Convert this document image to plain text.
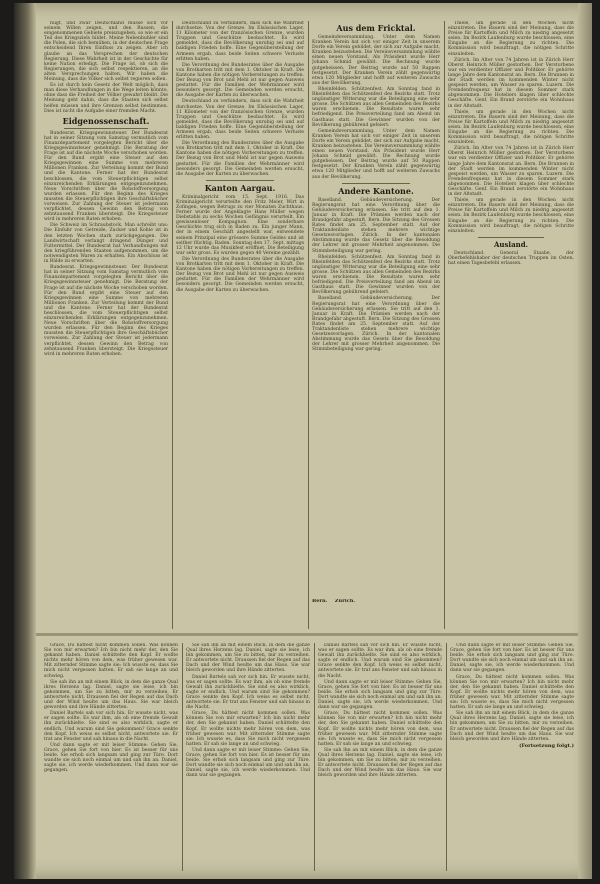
nügt, und zwar Deutschland müsse sich vor seinem Willen zeigen, und den Russen, die eingenommenen Gebiete preiszugeben, so wie er ein Teil des Kriegsziels bildet. Meine Nebenbuhler sind die Polen, die sich bemühen, in der deutschen Frage entscheidend Ihren Einfluss zu zeigen. Aber ich glaube an das Versprechen der deutschen Regierung. Diese Wahrheit ist in der Geschichte für keine Nation erledigt. Die Frage ist, ob sich die Regierungen, die sich selbst respektieren, an die alten Versprechungen halten. Wir haben die Meinung, dass die Völker sich selbst regieren sollen.

Es ist durch kein Gesetz der Welt möglich, dass man diese Verhandlungen in die Wege leiten könnte, ohne dass die Freiheit der Völker gewahrt bleibt. Die Meinung geht dahin, dass die Staaten sich selbst helfen müssen und ihre Grenzen selbst bestimmen. Dies ist nicht die Aufgabe einer fremden Macht.

Eidgenossenschaft.

Bundesrat. Kriegsgewinnsteuer. Der Bundesrat hat in seiner Sitzung vom Samstag vermutlich vom Finanzdepartement vorgelegten Bericht über die Kriegsgewinnsteuer genehmigt. Die Beratung der Frage ist auf die nächste Woche verschoben worden. Für den Bund ergibt eine Steuer auf den Kriegsgewinnen eine Summe von mehreren Millionen Franken. Zur Verteilung kommt der Bund und die Kantone. Ferner hat der Bundesrat beschlossen, die vom Steuerpflichtigen selbst einzureichenden Erklärungen entgegenzunehmen. Neue Vorschriften über die Rohstoffversorgung wurden erlassen. Für den Beginn des Krieges mussten die Steuerpflichtigen ihre Geschäftsbücher vorweisen. Zur Zahlung der Steuer ist jedermann verpflichtet, dessen Gewinn den Betrag von zehntausend Franken übersteigt. Die Kriegssteuer wird in mehreren Raten erhoben.

Die Schweiz im Schraubstock. Man schreibt uns: Die Einfuhr von Getreide, Zucker und Kohle ist in den letzten Wochen stark zurückgegangen. Die Landwirtschaft verlangt dringend Dünger und Futtermittel. Der Bundesrat hat Verhandlungen mit den kriegführenden Staaten aufgenommen, um die notwendigsten Waren zu erhalten. Ein Abschluss ist in Bälde zu erwarten.

Bundesrat. Kriegsgewinnsteuer. Der Bundesrat hat in seiner Sitzung vom Samstag vermutlich vom Finanzdepartement vorgelegten Bericht über die Kriegsgewinnsteuer genehmigt. Die Beratung der Frage ist auf die nächste Woche verschoben worden. Für den Bund ergibt eine Steuer auf den Kriegsgewinnen eine Summe von mehreren Millionen Franken. Zur Verteilung kommt der Bund und die Kantone. Ferner hat der Bundesrat beschlossen, die vom Steuerpflichtigen selbst einzureichenden Erklärungen entgegenzunehmen. Neue Vorschriften über die Rohstoffversorgung wurden erlassen. Für den Beginn des Krieges mussten die Steuerpflichtigen ihre Geschäftsbücher vorweisen. Zur Zahlung der Steuer ist jedermann verpflichtet, dessen Gewinn den Betrag von zehntausend Franken übersteigt. Die Kriegssteuer wird in mehreren Raten erhoben.

Deutschland zu verhindern, dass sich die Wahrheit durchsetze. Von der Grenze. Im Elsässischen Lager, 11 Kilometer von der französischen Grenze, wurden Truppen und Geschütze beobachtet. Es wird gemeldet, dass die Bevölkerung unruhig sei und auf baldigen Frieden hoffe. Eine Gegenüberstellung der Armeen ergab, dass beide Seiten schwere Verluste erlitten haben.

Die Verordnung des Bundesrates über die Ausgabe von Brotkarten tritt mit dem 1. Oktober in Kraft. Die Kantone haben die nötigen Vorbereitungen zu treffen. Der Bezug von Brot und Mehl ist nur gegen Ausweis gestattet. Für die Familien der Wehrmänner wird besonders gesorgt. Die Gemeinden werden ersucht, die Ausgabe der Karten zu überwachen.

Deutschland zu verhindern, dass sich die Wahrheit durchsetze. Von der Grenze. Im Elsässischen Lager, 11 Kilometer von der französischen Grenze, wurden Truppen und Geschütze beobachtet. Es wird gemeldet, dass die Bevölkerung unruhig sei und auf baldigen Frieden hoffe. Eine Gegenüberstellung der Armeen ergab, dass beide Seiten schwere Verluste erlitten haben.

Die Verordnung des Bundesrates über die Ausgabe von Brotkarten tritt mit dem 1. Oktober in Kraft. Die Kantone haben die nötigen Vorbereitungen zu treffen. Der Bezug von Brot und Mehl ist nur gegen Ausweis gestattet. Für die Familien der Wehrmänner wird besonders gesorgt. Die Gemeinden werden ersucht, die Ausgabe der Karten zu überwachen.

Kanton Aargau.

Kriminalgericht vom 15. Sept. 1916. Das Kriminalgericht verurteilte den Fritz Meier, Wirt in Zofingen, wegen Betrugs zu vier Monaten Zuchthaus. Ferner wurde der Angeklagte Hans Müller wegen Diebstahls zu sechs Wochen Gefängnis verurteilt. Ein gewissenloser Kompagnon. Eine sonderbare Geschichte trug sich in Baden zu. Ein junger Mann, der in einem Geschäft angestellt war, entwendete seinem Prinzipal eine grössere Summe Geldes und ist seither flüchtig. Baden. Sonntag den 17. Sept. mittags 12 Uhr wurde das Musikfest eröffnet. Die Beteiligung war sehr gross. Es wurden gegen 40 Vereine gezählt.

Die Verordnung des Bundesrates über die Ausgabe von Brotkarten tritt mit dem 1. Oktober in Kraft. Die Kantone haben die nötigen Vorbereitungen zu treffen. Der Bezug von Brot und Mehl ist nur gegen Ausweis gestattet. Für die Familien der Wehrmänner wird besonders gesorgt. Die Gemeinden werden ersucht, die Ausgabe der Karten zu überwachen.

Aus dem Fricktal.

Gemeindeversammlung. Unter dem Namen Kranken Verein hat sich vor einiger Zeit in unserem Dorfe ein Verein gebildet, der sich zur Aufgabe macht, Kranken beizustehen. Die Vereinsversammlung wählte einen neuen Vorstand. Als Präsident wurde Herr Johann Schmid gewählt. Die Rechnung wurde gutgeheissen. Der Beitrag wurde auf 50 Rappen festgesetzt. Der Kranken Verein zählt gegenwärtig etwa 120 Mitglieder und hofft auf weiteren Zuwachs aus der Bevölkerung.

Rheinfelden. Schützenfest. Am Sonntag fand in Rheinfelden das Schützenfest des Bezirks statt. Trotz ungünstiger Witterung war die Beteiligung eine sehr grosse. Die Schützen aus allen Gemeinden des Bezirks waren erschienen. Die Resultate waren sehr befriedigend. Die Preisverteilung fand am Abend im Gasthaus statt. Die Gewinner wurden von der Bevölkerung gebührend gefeiert.

Gemeindeversammlung. Unter dem Namen Kranken Verein hat sich vor einiger Zeit in unserem Dorfe ein Verein gebildet, der sich zur Aufgabe macht, Kranken beizustehen. Die Vereinsversammlung wählte einen neuen Vorstand. Als Präsident wurde Herr Johann Schmid gewählt. Die Rechnung wurde gutgeheissen. Der Beitrag wurde auf 50 Rappen festgesetzt. Der Kranken Verein zählt gegenwärtig etwa 120 Mitglieder und hofft auf weiteren Zuwachs aus der Bevölkerung.

Andere Kantone.

Baselland. Gebäudeversicherung. Der Regierungsrat hat eine Verordnung über die Gebäudeversicherung erlassen. Sie tritt auf den 1. Januar in Kraft. Die Prämien werden nach der Brandgefahr abgestuft. Bern. Die Sitzung des Grossen Rates findet am 25. September statt. Auf der Traktandenliste stehen mehrere wichtige Gesetzesvorlagen. Zürich. In der kantonalen Abstimmung wurde das Gesetz über die Besoldung der Lehrer mit grosser Mehrheit angenommen. Die Stimmbeteiligung war gering.

Rheinfelden. Schützenfest. Am Sonntag fand in Rheinfelden das Schützenfest des Bezirks statt. Trotz ungünstiger Witterung war die Beteiligung eine sehr grosse. Die Schützen aus allen Gemeinden des Bezirks waren erschienen. Die Resultate waren sehr befriedigend. Die Preisverteilung fand am Abend im Gasthaus statt. Die Gewinner wurden von der Bevölkerung gebührend gefeiert.

Baselland. Gebäudeversicherung. Der Regierungsrat hat eine Verordnung über die Gebäudeversicherung erlassen. Sie tritt auf den 1. Januar in Kraft. Die Prämien werden nach der Brandgefahr abgestuft. Bern. Die Sitzung des Grossen Rates findet am 25. September statt. Auf der Traktandenliste stehen mehrere wichtige Gesetzesvorlagen. Zürich. In der kantonalen Abstimmung wurde das Gesetz über die Besoldung der Lehrer mit grosser Mehrheit angenommen. Die Stimmbeteiligung war gering.

Thiele, um gerade in den Wochen nicht einzutreten. Die Bauern sind der Meinung, dass die Preise für Kartoffeln und Milch zu niedrig angesetzt seien. Im Bezirk Laufenburg wurde beschlossen, eine Eingabe an die Regierung zu richten. Die Kommission wird beauftragt, die nötigen Schritte einzuleiten.

Zürich. Im Alter von 74 Jahren ist in Zürich Herr Oberst Heinrich Müller gestorben. Der Verstorbene war ein verdienter Offizier und Politiker. Er gehörte lange Jahre dem Kantonsrat an. Bern. Die Brunnen in der Stadt werden im kommenden Winter nicht gespeist werden, um Wasser zu sparen. Luzern. Die Fremdenfrequenz hat in diesem Sommer stark abgenommen. Die Hoteliers klagen über schlechte Geschäfte. Genf. Ein Brand zerstörte ein Wohnhaus in der Altstadt.

Thiele, um gerade in den Wochen nicht einzutreten. Die Bauern sind der Meinung, dass die Preise für Kartoffeln und Milch zu niedrig angesetzt seien. Im Bezirk Laufenburg wurde beschlossen, eine Eingabe an die Regierung zu richten. Die Kommission wird beauftragt, die nötigen Schritte einzuleiten.

Zürich. Im Alter von 74 Jahren ist in Zürich Herr Oberst Heinrich Müller gestorben. Der Verstorbene war ein verdienter Offizier und Politiker. Er gehörte lange Jahre dem Kantonsrat an. Bern. Die Brunnen in der Stadt werden im kommenden Winter nicht gespeist werden, um Wasser zu sparen. Luzern. Die Fremdenfrequenz hat in diesem Sommer stark abgenommen. Die Hoteliers klagen über schlechte Geschäfte. Genf. Ein Brand zerstörte ein Wohnhaus in der Altstadt.

Thiele, um gerade in den Wochen nicht einzutreten. Die Bauern sind der Meinung, dass die Preise für Kartoffeln und Milch zu niedrig angesetzt seien. Im Bezirk Laufenburg wurde beschlossen, eine Eingabe an die Regierung zu richten. Die Kommission wird beauftragt, die nötigen Schritte einzuleiten.

Ausland.

Deutschland. General Staabe, der Oberbefehlshaber der deutschen Truppen im Osten, hat einen Tagesbefehl erlassen.

Grace, Du hättest nicht kommen sollen. Was können Sie von mir erwarten? Ich bin nicht mehr der, den Sie gekannt haben. Daniel schüttelte den Kopf. Er wollte nichts mehr hören von dem, was früher gewesen war. Mit zitternder Stimme sagte sie: Ich wusste es, dass Sie mich nicht vergessen hatten. Er sah sie lange an und schwieg.

Sie sah ihn an mit einem Blick, in dem die ganze Qual ihres Herzens lag. Daniel, sagte sie leise, ich bin gekommen, um Sie zu bitten, mir zu verzeihen. Er antwortete nicht. Draussen fiel der Regen auf das Dach und der Wind heulte um das Haus. Sie war bleich geworden und ihre Hände zitterten.

Daniel Bartels sah vor sich hin. Er wusste nicht, was er sagen sollte. Es war ihm, als ob eine fremde Gewalt ihn zurückhielte. Sie sind es also wirklich, sagte er endlich. Und warum sind Sie gekommen? Grace senkte den Kopf. Ich weiss es selbst nicht, antwortete sie. Er trat ans Fenster und sah hinaus in die Nacht.

Und dann sagte er mit leiser Stimme: Gehen Sie, Grace, gehen Sie fort von hier. Es ist besser für uns beide. Sie erhob sich langsam und ging zur Türe. Dort wandte sie sich noch einmal um und sah ihn an. Daniel, sagte sie, ich werde wiederkommen. Und dann war sie gegangen.

Sie sah ihn an mit einem Blick, in dem die ganze Qual ihres Herzens lag. Daniel, sagte sie leise, ich bin gekommen, um Sie zu bitten, mir zu verzeihen. Er antwortete nicht. Draussen fiel der Regen auf das Dach und der Wind heulte um das Haus. Sie war bleich geworden und ihre Hände zitterten.

Daniel Bartels sah vor sich hin. Er wusste nicht, was er sagen sollte. Es war ihm, als ob eine fremde Gewalt ihn zurückhielte. Sie sind es also wirklich, sagte er endlich. Und warum sind Sie gekommen? Grace senkte den Kopf. Ich weiss es selbst nicht, antwortete sie. Er trat ans Fenster und sah hinaus in die Nacht.

Grace, Du hättest nicht kommen sollen. Was können Sie von mir erwarten? Ich bin nicht mehr der, den Sie gekannt haben. Daniel schüttelte den Kopf. Er wollte nichts mehr hören von dem, was früher gewesen war. Mit zitternder Stimme sagte sie: Ich wusste es, dass Sie mich nicht vergessen hatten. Er sah sie lange an und schwieg.

Und dann sagte er mit leiser Stimme: Gehen Sie, Grace, gehen Sie fort von hier. Es ist besser für uns beide. Sie erhob sich langsam und ging zur Türe. Dort wandte sie sich noch einmal um und sah ihn an. Daniel, sagte sie, ich werde wiederkommen. Und dann war sie gegangen.

Daniel Bartels sah vor sich hin. Er wusste nicht, was er sagen sollte. Es war ihm, als ob eine fremde Gewalt ihn zurückhielte. Sie sind es also wirklich, sagte er endlich. Und warum sind Sie gekommen? Grace senkte den Kopf. Ich weiss es selbst nicht, antwortete sie. Er trat ans Fenster und sah hinaus in die Nacht.

Und dann sagte er mit leiser Stimme: Gehen Sie, Grace, gehen Sie fort von hier. Es ist besser für uns beide. Sie erhob sich langsam und ging zur Türe. Dort wandte sie sich noch einmal um und sah ihn an. Daniel, sagte sie, ich werde wiederkommen. Und dann war sie gegangen.

Grace, Du hättest nicht kommen sollen. Was können Sie von mir erwarten? Ich bin nicht mehr der, den Sie gekannt haben. Daniel schüttelte den Kopf. Er wollte nichts mehr hören von dem, was früher gewesen war. Mit zitternder Stimme sagte sie: Ich wusste es, dass Sie mich nicht vergessen hatten. Er sah sie lange an und schwieg.

Sie sah ihn an mit einem Blick, in dem die ganze Qual ihres Herzens lag. Daniel, sagte sie leise, ich bin gekommen, um Sie zu bitten, mir zu verzeihen. Er antwortete nicht. Draussen fiel der Regen auf das Dach und der Wind heulte um das Haus. Sie war bleich geworden und ihre Hände zitterten.

Und dann sagte er mit leiser Stimme: Gehen Sie, Grace, gehen Sie fort von hier. Es ist besser für uns beide. Sie erhob sich langsam und ging zur Türe. Dort wandte sie sich noch einmal um und sah ihn an. Daniel, sagte sie, ich werde wiederkommen. Und dann war sie gegangen.

Grace, Du hättest nicht kommen sollen. Was können Sie von mir erwarten? Ich bin nicht mehr der, den Sie gekannt haben. Daniel schüttelte den Kopf. Er wollte nichts mehr hören von dem, was früher gewesen war. Mit zitternder Stimme sagte sie: Ich wusste es, dass Sie mich nicht vergessen hatten. Er sah sie lange an und schwieg.

Sie sah ihn an mit einem Blick, in dem die ganze Qual ihres Herzens lag. Daniel, sagte sie leise, ich bin gekommen, um Sie zu bitten, mir zu verzeihen. Er antwortete nicht. Draussen fiel der Regen auf das Dach und der Wind heulte um das Haus. Sie war bleich geworden und ihre Hände zitterten.

(Fortsetzung folgt.)
Bern. Zürich.
